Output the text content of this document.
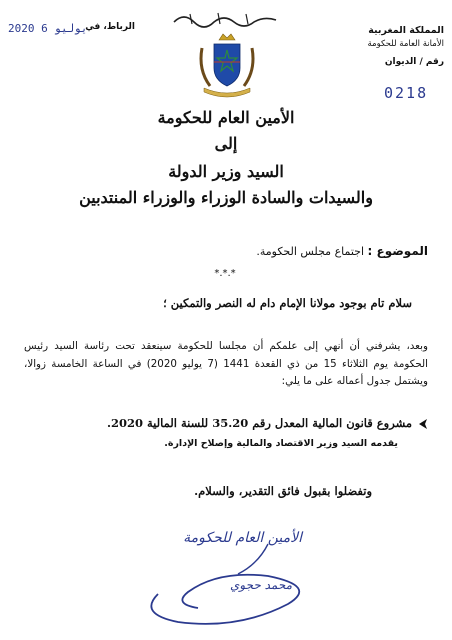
المملكة المغربية
الأمانة العامة للحكومة
رقم / الديوان
0218
الرباط، في
2020 يوليو 6
الأمين العام للحكومة
إلى
السيد وزير الدولة
والسيدات والسادة الوزراء والوزراء المنتدبين
الموضوع : اجتماع مجلس الحكومة.
*.*.*
سلام تام بوجود مولانا الإمام دام له النصر والتمكين ؛
وبعد، يشرفني أن أنهي إلى علمكم أن مجلسا للحكومة سينعقد تحت رئاسة السيد رئيس الحكومة يوم الثلاثاء 15 من ذي القعدة 1441 (7 يوليو 2020) في الساعة الخامسة زوالا، ويشتمل جدول أعماله على ما يلي:
مشروع قانون المالية المعدل رقم 35.20 للسنة المالية 2020.
يقدمه السيد وزير الاقتصاد والمالية وإصلاح الإدارة.
وتفضلوا بقبول فائق التقدير، والسلام.
الأمين العام للحكومة
محمد حجوي
